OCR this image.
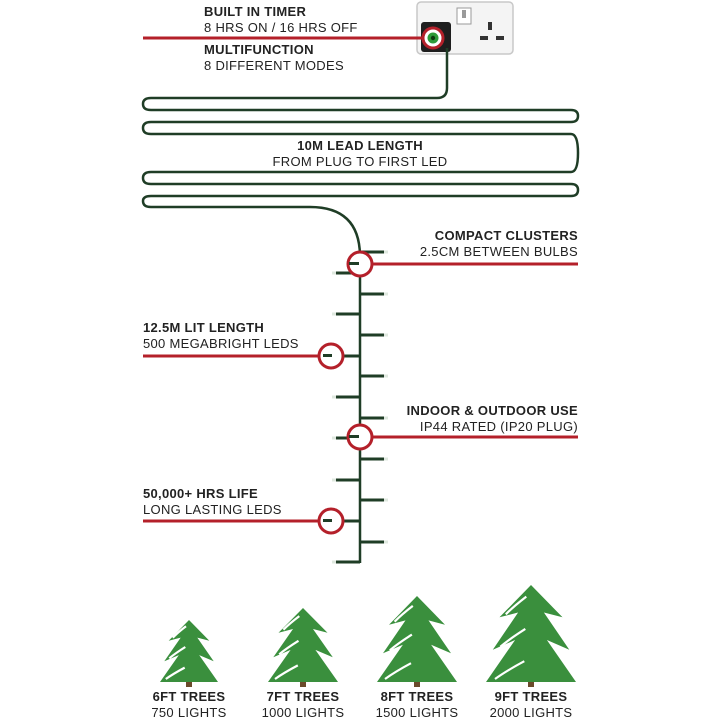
BUILT IN TIMER
8 HRS ON / 16 HRS OFF
MULTIFUNCTION
8 DIFFERENT MODES
10M LEAD LENGTH
FROM PLUG TO FIRST LED
COMPACT CLUSTERS
2.5CM BETWEEN BULBS
12.5M LIT LENGTH
500 MEGABRIGHT LEDS
INDOOR & OUTDOOR USE
IP44 RATED (IP20 PLUG)
50,000+ HRS LIFE
LONG LASTING LEDS
6FT TREES
750 LIGHTS
7FT TREES
1000 LIGHTS
8FT TREES
1500 LIGHTS
9FT TREES
2000 LIGHTS
